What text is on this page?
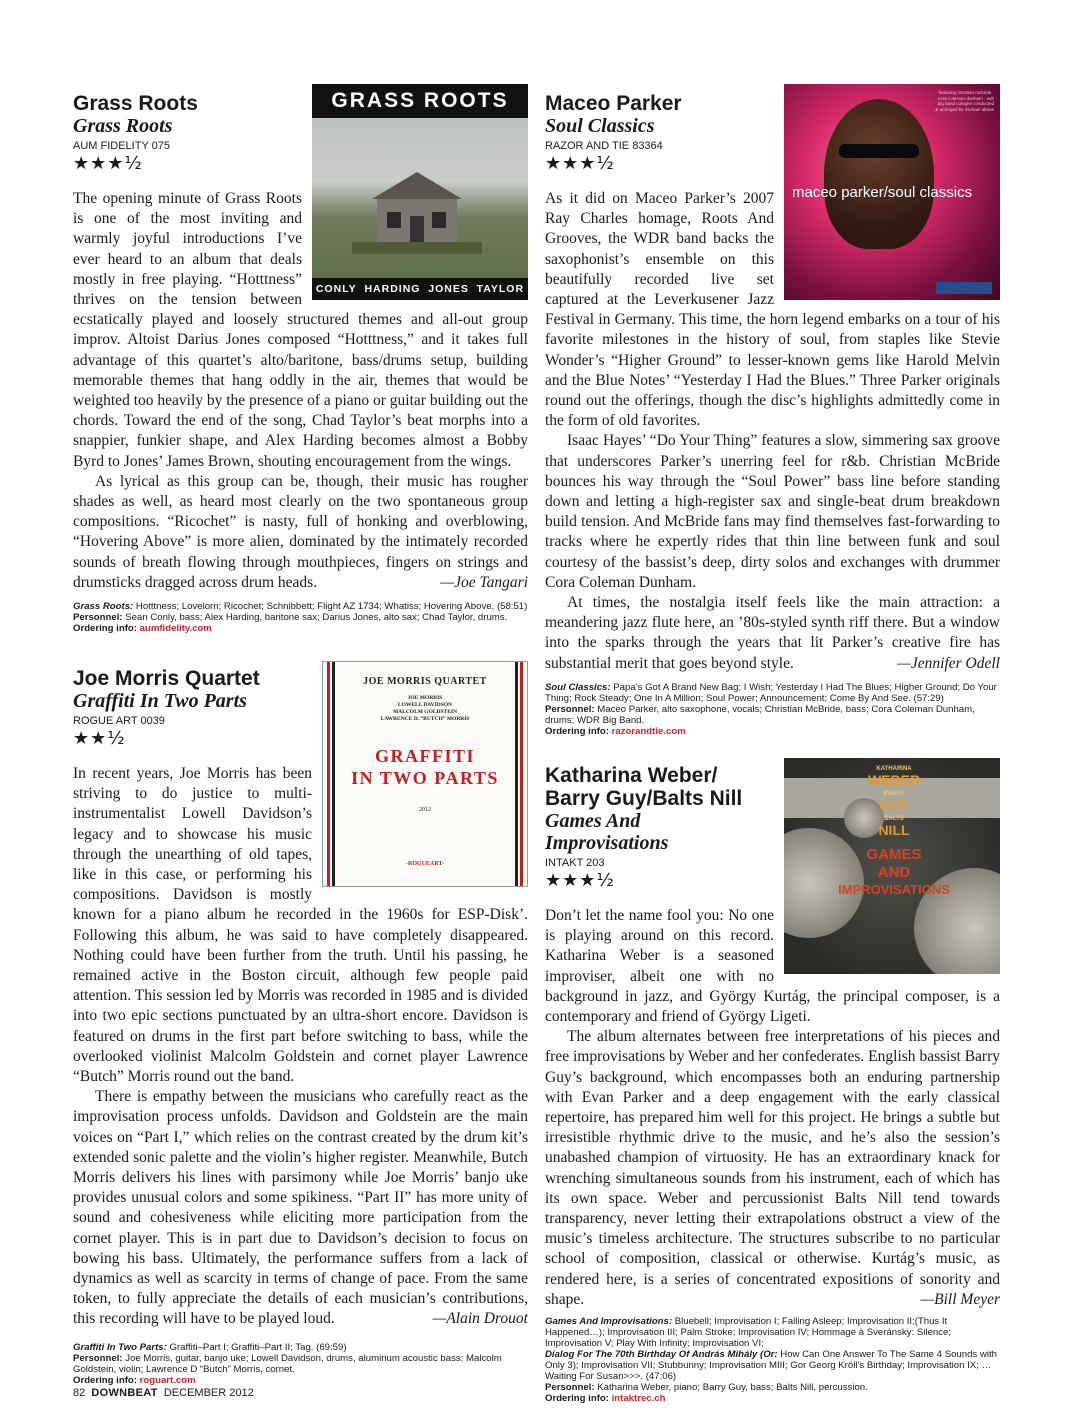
GRASS ROOTS
CONLY HARDING JONES TAYLOR
Grass Roots
Grass Roots
AUM FIDELITY 075
★★★½

The opening minute of Grass Roots is one of the most inviting and warmly joyful introductions I’ve ever heard to an album that deals mostly in free playing. “Hotttness” thrives on the tension between ecstatically played and loosely structured themes and all-out group improv. Altoist Darius Jones composed “Hotttness,” and it takes full advantage of this quartet’s alto/baritone, bass/drums setup, building memorable themes that hang oddly in the air, themes that would be weighted too heavily by the presence of a piano or guitar building out the chords. Toward the end of the song, Chad Taylor’s beat morphs into a snappier, funkier shape, and Alex Harding becomes almost a Bobby Byrd to Jones’ James Brown, shouting encouragement from the wings.

As lyrical as this group can be, though, their music has rougher shades as well, as heard most clearly on the two spontaneous group compositions. “Ricochet” is nasty, full of honking and overblowing, “Hovering Above” is more alien, dominated by the intimately recorded sounds of breath flowing through mouthpieces, fingers on strings and drumsticks dragged across drum heads.	—Joe Tangari

Grass Roots: Hotttness; Lovelorn; Ricochet; Schnibbett; Flight AZ 1734; Whatiss; Hovering Above. (58:51)

Personnel: Sean Conly, bass; Alex Harding, baritone sax; Darius Jones, alto sax; Chad Taylor, drums.

Ordering info: aumfidelity.com

JOE MORRIS QUARTET
JOE MORRIS
LOWELL DAVIDSON
MALCOLM GOLDSTEIN
LAWRENCE D. “BUTCH” MORRIS
GRAFFITI
IN TWO PARTS
2012
-ROGUEART-
Joe Morris Quartet
Graffiti In Two Parts
ROGUE ART 0039
★★½

In recent years, Joe Morris has been striving to do justice to multi-instrumentalist Lowell Davidson’s legacy and to showcase his music through the unearthing of old tapes, like in this case, or performing his compositions. Davidson is mostly known for a piano album he recorded in the 1960s for ESP-Disk’. Following this album, he was said to have completely disappeared. Nothing could have been further from the truth. Until his passing, he remained active in the Boston circuit, although few people paid attention. This session led by Morris was recorded in 1985 and is divided into two epic sections punctuated by an ultra-short encore. Davidson is featured on drums in the first part before switching to bass, while the overlooked violinist Malcolm Goldstein and cornet player Lawrence “Butch” Morris round out the band.

There is empathy between the musicians who carefully react as the improvisation process unfolds. Davidson and Goldstein are the main voices on “Part I,” which relies on the contrast created by the drum kit’s extended sonic palette and the violin’s higher register. Meanwhile, Butch Morris delivers his lines with parsimony while Joe Morris’ banjo uke provides unusual colors and some spikiness. “Part II” has more unity of sound and cohesiveness while eliciting more participation from the cornet player. This is in part due to Davidson’s decision to focus on bowing his bass. Ultimately, the performance suffers from a lack of dynamics as well as scarcity in terms of change of pace. From the same token, to fully appreciate the details of each musician’s contributions, this recording will have to be played loud.	—Alain Drouot

Graffiti In Two Parts: Graffiti–Part I; Graffiti–Part II; Tag. (69:59)

Personnel: Joe Morris, guitar, banjo uke; Lowell Davidson, drums, aluminum acoustic bass; Malcolm Goldstein, violin; Lawrence D “Butch” Morris, cornet.

Ordering info: roguart.com

featuring christian mcbride · cora coleman-dunham · wdr big band cologne conducted & arranged by michael abene
maceo parker/soul classics
Maceo Parker
Soul Classics
RAZOR AND TIE 83364
★★★½

As it did on Maceo Parker’s 2007 Ray Charles homage, Roots And Grooves, the WDR band backs the saxophonist’s ensemble on this beautifully recorded live set captured at the Leverkusener Jazz Festival in Germany. This time, the horn legend embarks on a tour of his favorite milestones in the history of soul, from staples like Stevie Wonder’s “Higher Ground” to lesser-known gems like Harold Melvin and the Blue Notes’ “Yesterday I Had the Blues.” Three Parker originals round out the offerings, though the disc’s highlights admittedly come in the form of old favorites.

Isaac Hayes’ “Do Your Thing” features a slow, simmering sax groove that underscores Parker’s unerring feel for r&b. Christian McBride bounces his way through the “Soul Power” bass line before standing down and letting a high-register sax and single-beat drum breakdown build tension. And McBride fans may find themselves fast-forwarding to tracks where he expertly rides that thin line between funk and soul courtesy of the bassist’s deep, dirty solos and exchanges with drummer Cora Coleman Dunham.

At times, the nostalgia itself feels like the main attraction: a meandering jazz flute here, an ’80s-styled synth riff there. But a window into the sparks through the years that lit Parker’s creative fire has substantial merit that goes beyond style.	—Jennifer Odell

Soul Classics: Papa’s Got A Brand New Bag; I Wish; Yesterday I Had The Blues; Higher Ground; Do Your Thing; Rock Steady; One In A Million; Soul Power; Announcement; Come By And See. (57:29)

Personnel: Maceo Parker, alto saxophone, vocals; Christian McBride, bass; Cora Coleman Dunham, drums; WDR Big Band.

Ordering info: razorandtie.com

KATHARINA
WEBER
BARRY
GUY
BALTS
NILL
GAMES
AND
IMPROVISATIONS
Katharina Weber/
Barry Guy/Balts Nill
Games And
Improvisations
INTAKT 203
★★★½

Don’t let the name fool you: No one is playing around on this record. Katharina Weber is a seasoned improviser, albeit one with no background in jazz, and György Kurtág, the principal composer, is a contemporary and friend of György Ligeti.

The album alternates between free interpretations of his pieces and free improvisations by Weber and her confederates. English bassist Barry Guy’s background, which encompasses both an enduring partnership with Evan Parker and a deep engagement with the early classical repertoire, has prepared him well for this project. He brings a subtle but irresistible rhythmic drive to the music, and he’s also the session’s unabashed champion of virtuosity. He has an extraordinary knack for wrenching simultaneous sounds from his instrument, each of which has its own space. Weber and percussionist Balts Nill tend towards transparency, never letting their extrapolations obstruct a view of the music’s timeless architecture. The structures subscribe to no particular school of composition, classical or otherwise. Kurtág’s music, as rendered here, is a series of concentrated expositions of sonority and shape.	—Bill Meyer

Games And Improvisations: Bluebell; Improvisation I; Falling Asleep; Improvisation II;(Thus It Happened…); Improvisation III; Palm Stroke; Improvisation IV; Hommage à Sveránsky: Silence; Improvisation V; Play With Infinity; Improvisation VI;

Dialog For The 70th Birthday Of András Mihály (Or: How Can One Answer To The Same 4 Sounds with Only 3); Improvisation VII; Stubbunny; Improvisation MIII; Gor Georg Kröll’s Birthday; Improvisation IX; …Waiting For Susan>>>. (47:06)

Personnel: Katharina Weber, piano; Barry Guy, bass; Balts Nill, percussion.

Ordering info: intaktrec.ch

82 DOWNBEAT DECEMBER 2012
